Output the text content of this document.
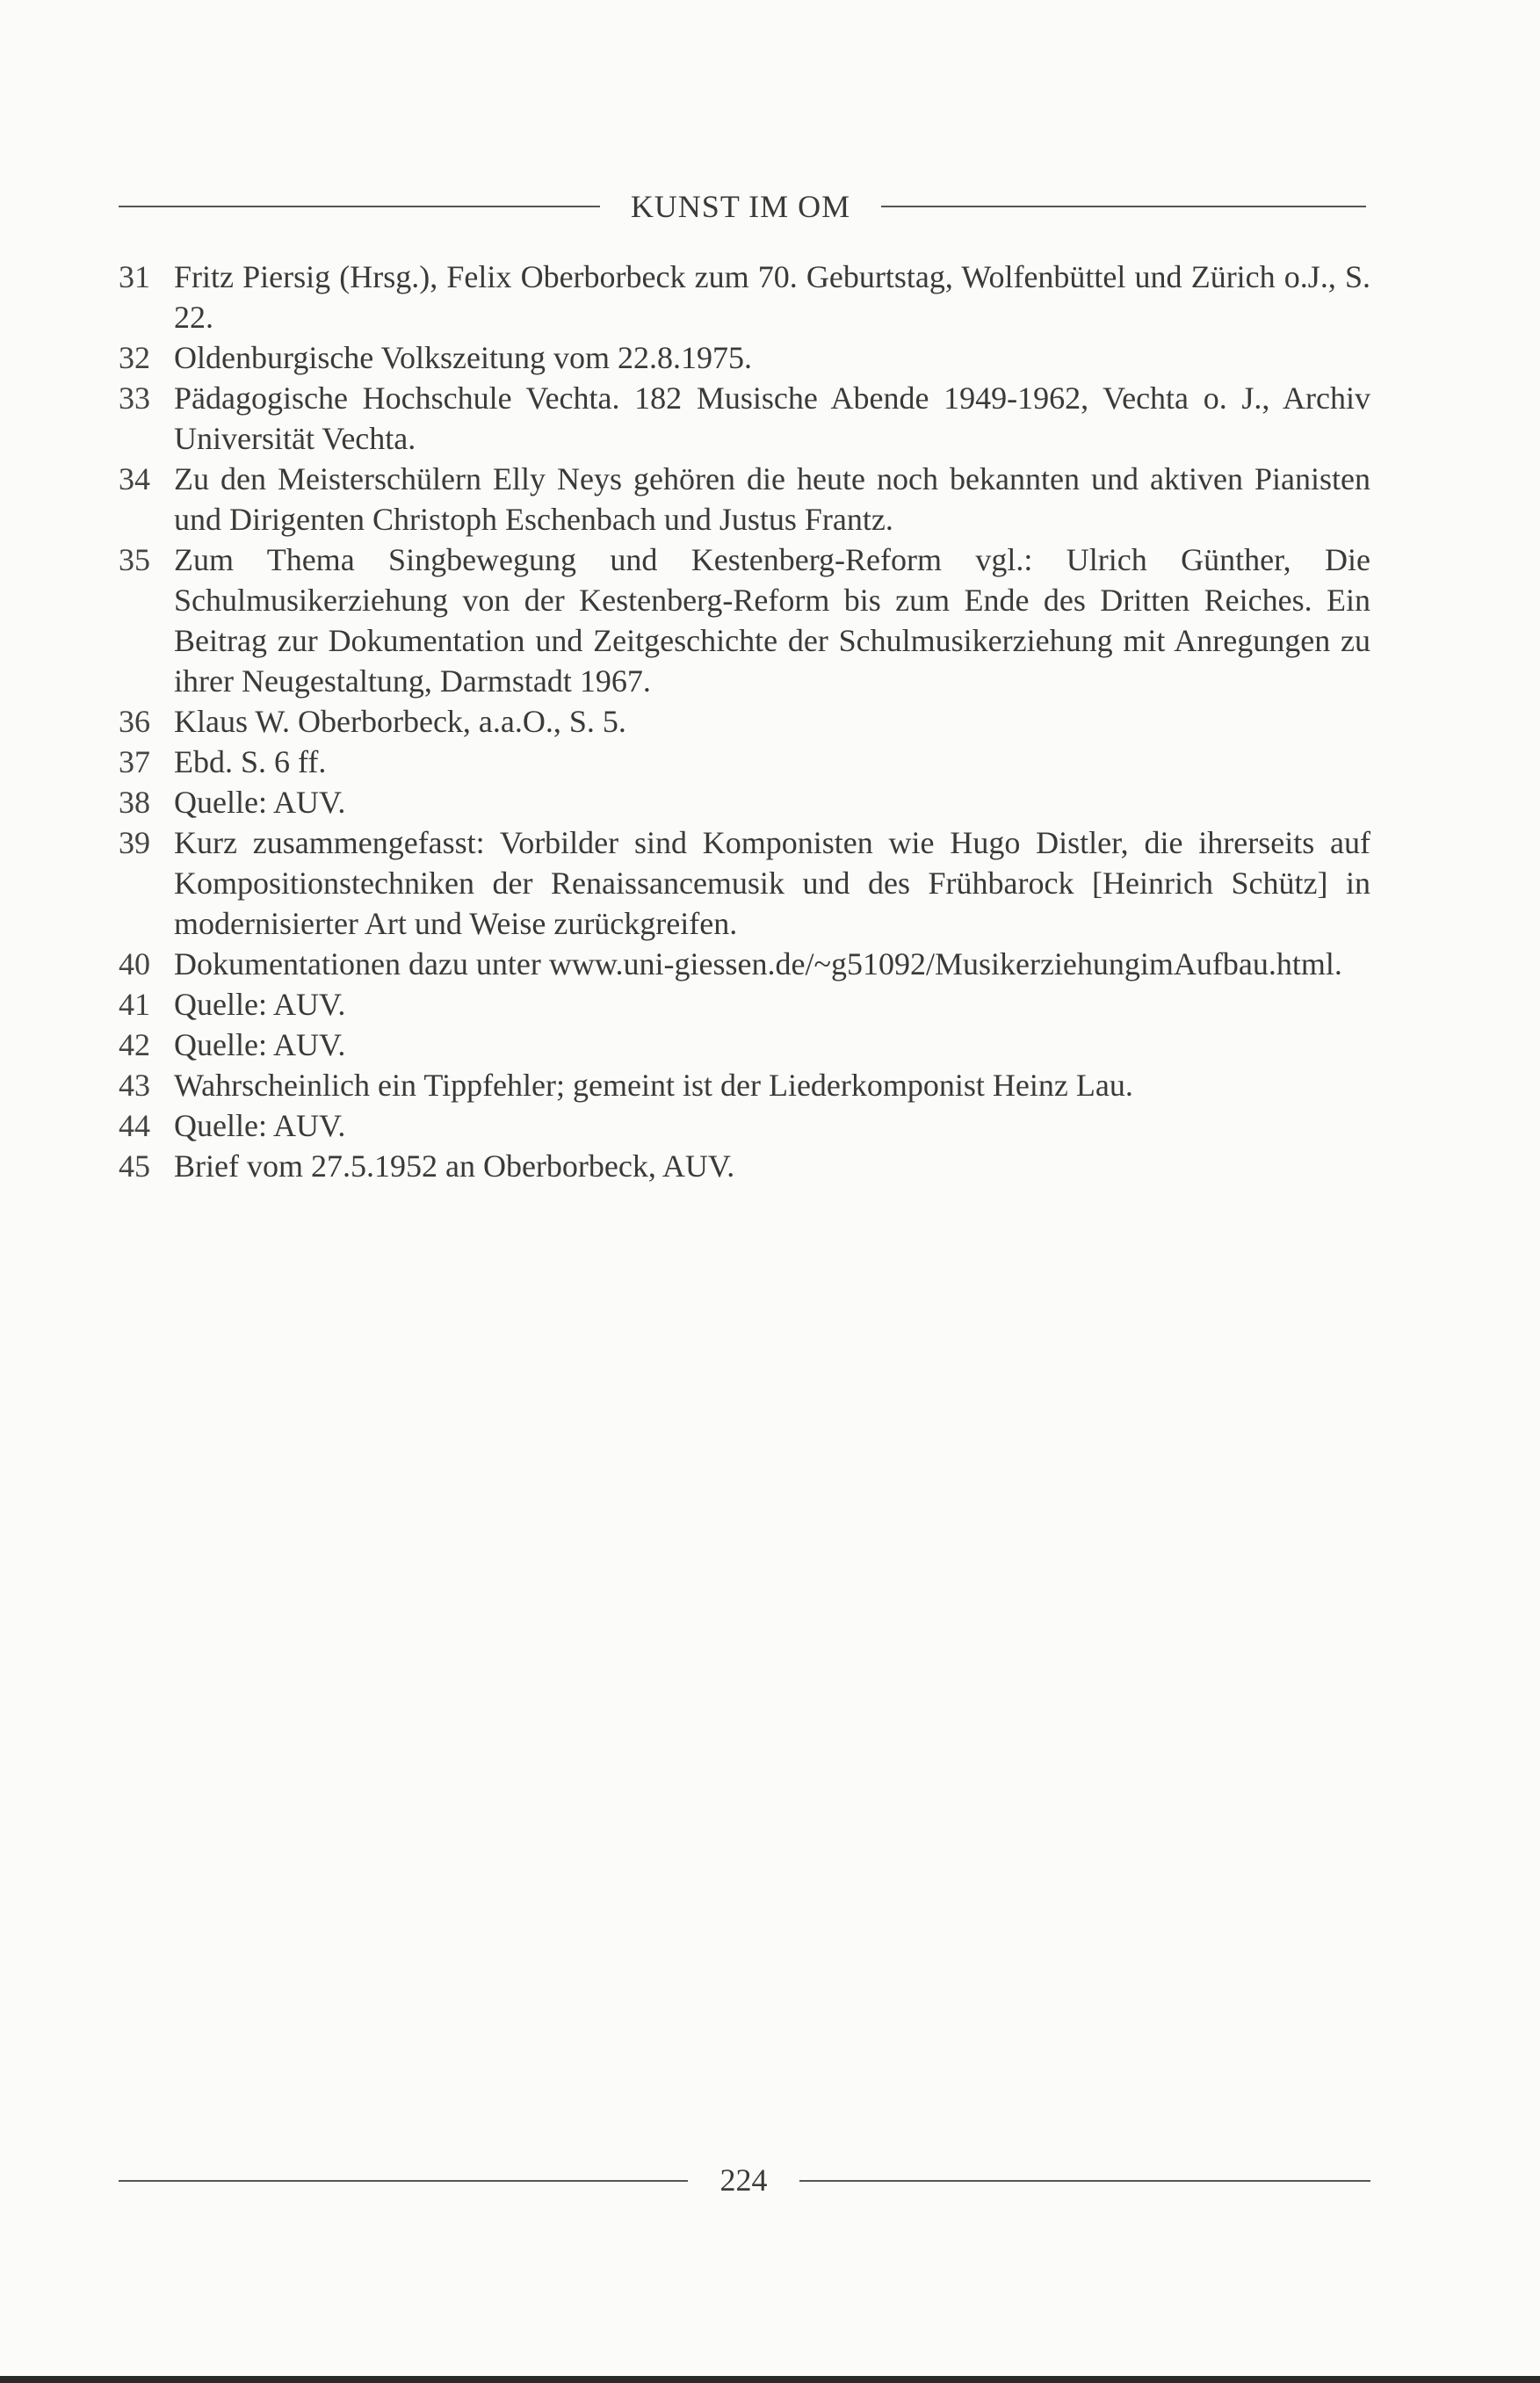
KUNST IM OM
31 Fritz Piersig (Hrsg.), Felix Oberborbeck zum 70. Geburtstag, Wolfenbüttel und Zürich o.J., S. 22.
32 Oldenburgische Volkszeitung vom 22.8.1975.
33 Pädagogische Hochschule Vechta. 182 Musische Abende 1949-1962, Vechta o. J., Archiv Universität Vechta.
34 Zu den Meisterschülern Elly Neys gehören die heute noch bekannten und aktiven Pianisten und Dirigenten Christoph Eschenbach und Justus Frantz.
35 Zum Thema Singbewegung und Kestenberg-Reform vgl.: Ulrich Günther, Die Schulmusikerziehung von der Kestenberg-Reform bis zum Ende des Dritten Reiches. Ein Beitrag zur Dokumentation und Zeitgeschichte der Schulmusikerziehung mit Anregungen zu ihrer Neugestaltung, Darmstadt 1967.
36 Klaus W. Oberborbeck, a.a.O., S. 5.
37 Ebd. S. 6 ff.
38 Quelle: AUV.
39 Kurz zusammengefasst: Vorbilder sind Komponisten wie Hugo Distler, die ihrerseits auf Kompositionstechniken der Renaissancemusik und des Frühbarock [Heinrich Schütz] in modernisierter Art und Weise zurückgreifen.
40 Dokumentationen dazu unter www.uni-giessen.de/~g51092/MusikerziehungimAufbau.html.
41 Quelle: AUV.
42 Quelle: AUV.
43 Wahrscheinlich ein Tippfehler; gemeint ist der Liederkomponist Heinz Lau.
44 Quelle: AUV.
45 Brief vom 27.5.1952 an Oberborbeck, AUV.
224
